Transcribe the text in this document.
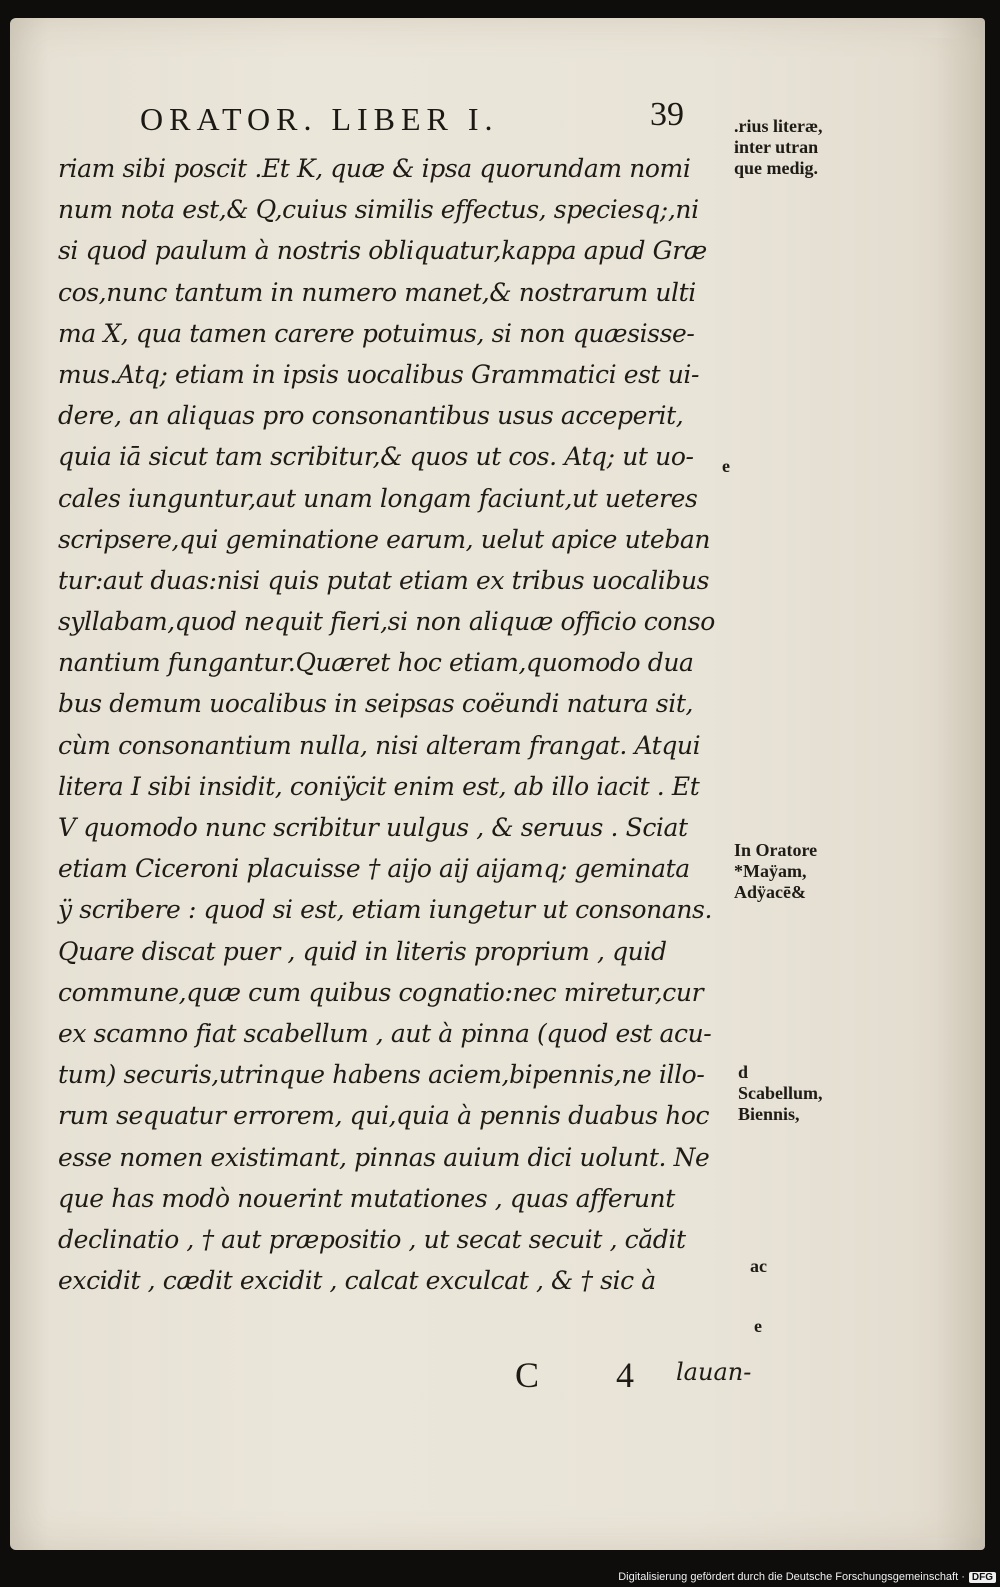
ORATOR. LIBER I.	39
riam sibi poscit .Et K, quæ & ipsa quorundam nomi
num nota est,& Q,cuius similis effectus, speciesq;,ni
si quod paulum à nostris obliquatur,kappa apud Græ
cos,nunc tantum in numero manet,& nostrarum ulti
ma X, qua tamen carere potuimus, si non quæsisse-
mus.Atq; etiam in ipsis uocalibus Grammatici est ui-
dere, an aliquas pro consonantibus usus acceperit,
quia iā sicut tam scribitur,& quos ut cos. Atq; ut uo-
cales iunguntur,aut unam longam faciunt,ut ueteres
scripsere,qui geminatione earum, uelut apice uteban
tur:aut duas:nisi quis putat etiam ex tribus uocalibus
syllabam,quod nequit fieri,si non aliquæ officio conso
nantium fungantur.Quæret hoc etiam,quomodo dua
bus demum uocalibus in seipsas coëundi natura sit,
cùm consonantium nulla, nisi alteram frangat. Atqui
litera I sibi insidit, coniÿcit enim est, ab illo iacit . Et
V quomodo nunc scribitur uulgus , & seruus . Sciat
etiam Ciceroni placuisse † aijo aij aijamq; geminata
ÿ scribere : quod si est, etiam iungetur ut consonans.
Quare discat puer , quid in literis proprium , quid
commune,quæ cum quibus cognatio:nec miretur,cur
ex scamno fiat scabellum , aut à pinna (quod est acu-
tum) securis,utrinque habens aciem,bipennis,ne illo-
rum sequatur errorem, qui,quia à pennis duabus hoc
esse nomen existimant, pinnas auium dici uolunt. Ne
que has modò nouerint mutationes , quas afferunt
declinatio , † aut præpositio , ut secat secuit , cădit
excidit , cædit excidit , calcat exculcat , & † sic à
.rius literæ,
inter utran
que medig.
e
In Oratore
*Maÿam,
Adÿacē&
d
Scabellum,
Biennis,
ac
e
C 4 lauan-
Digitalisierung gefördert durch die Deutsche Forschungsgemeinschaft · DFG
